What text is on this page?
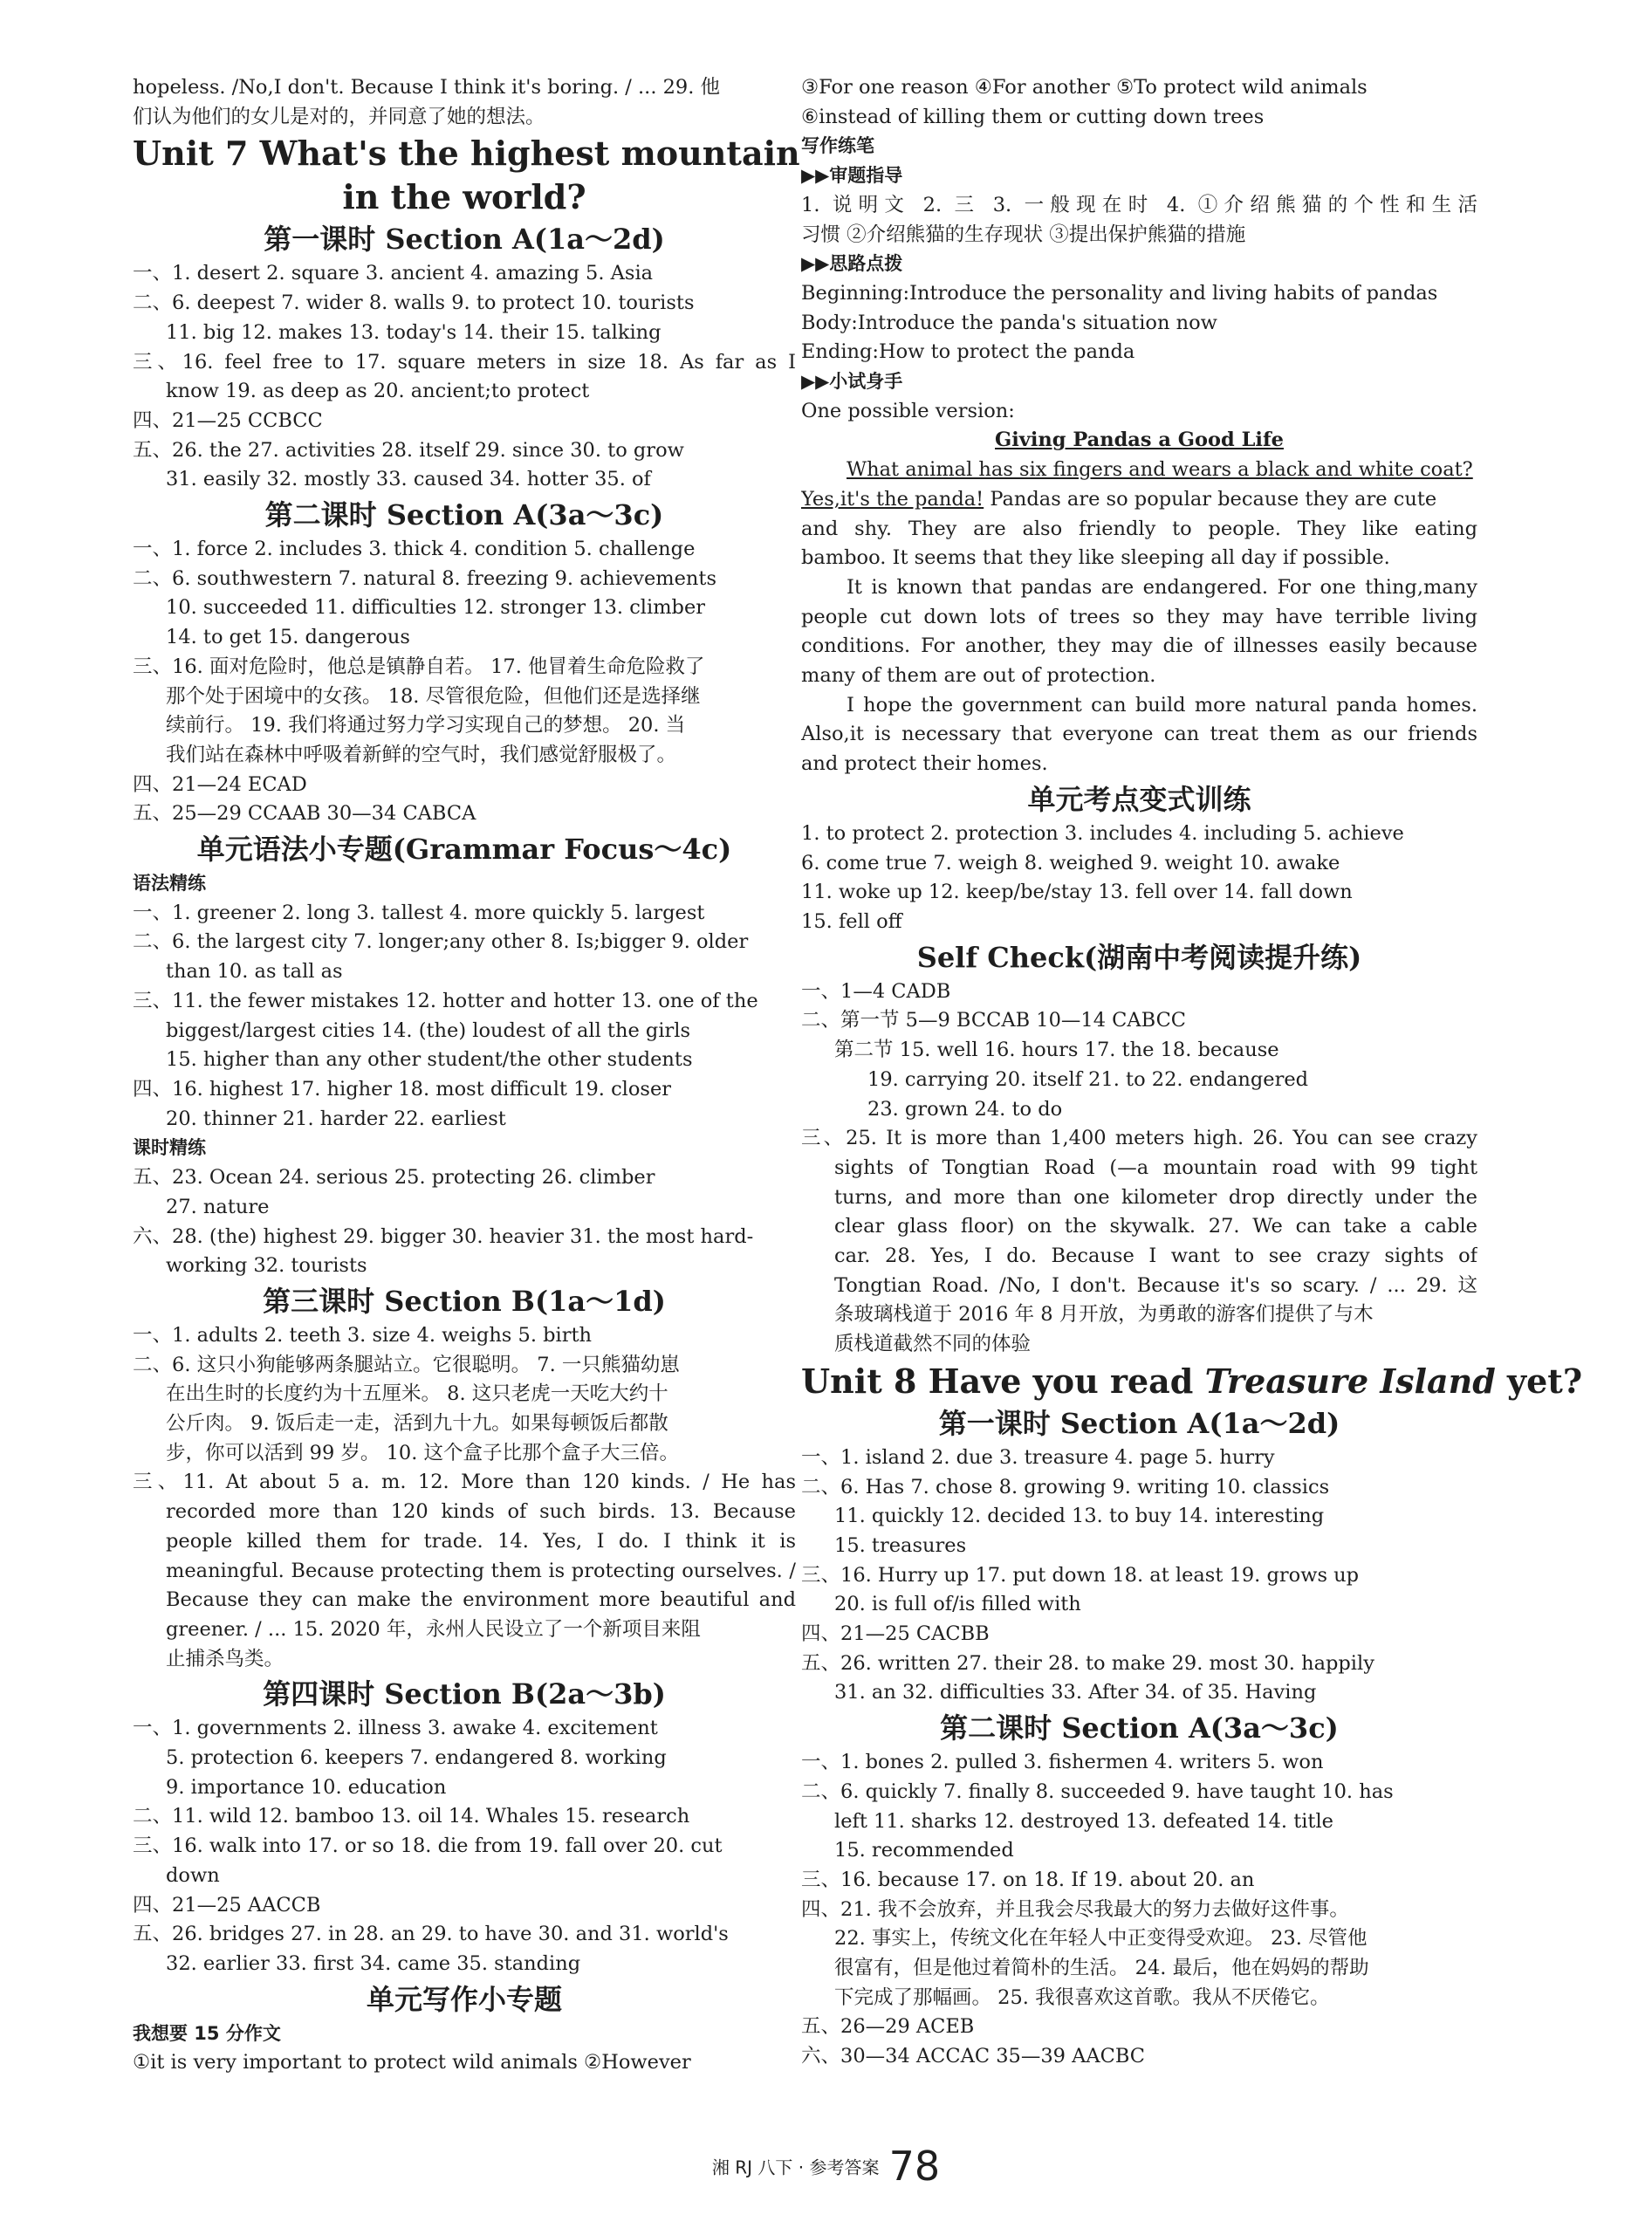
hopeless. /No,I don't. Because I think it's boring. / ... 29. 他
们认为他们的女儿是对的，并同意了她的想法。
Unit 7 What's the highest mountain
in the world?
第一课时 Section A(1a～2d)
一、1. desert 2. square 3. ancient 4. amazing 5. Asia
二、6. deepest 7. wider 8. walls 9. to protect 10. tourists
11. big 12. makes 13. today's 14. their 15. talking
三、16. feel free to 17. square meters in size 18. As far as I
know 19. as deep as 20. ancient;to protect
四、21—25 CCBCC
五、26. the 27. activities 28. itself 29. since 30. to grow
31. easily 32. mostly 33. caused 34. hotter 35. of
第二课时 Section A(3a～3c)
一、1. force 2. includes 3. thick 4. condition 5. challenge
二、6. southwestern 7. natural 8. freezing 9. achievements
10. succeeded 11. difficulties 12. stronger 13. climber
14. to get 15. dangerous
三、16. 面对危险时，他总是镇静自若。 17. 他冒着生命危险救了
那个处于困境中的女孩。 18. 尽管很危险，但他们还是选择继
续前行。 19. 我们将通过努力学习实现自己的梦想。 20. 当
我们站在森林中呼吸着新鲜的空气时，我们感觉舒服极了。
四、21—24 ECAD
五、25—29 CCAAB 30—34 CABCA
单元语法小专题(Grammar Focus～4c)
语法精练
一、1. greener 2. long 3. tallest 4. more quickly 5. largest
二、6. the largest city 7. longer;any other 8. Is;bigger 9. older
than 10. as tall as
三、11. the fewer mistakes 12. hotter and hotter 13. one of the
biggest/largest cities 14. (the) loudest of all the girls
15. higher than any other student/the other students
四、16. highest 17. higher 18. most difficult 19. closer
20. thinner 21. harder 22. earliest
课时精练
五、23. Ocean 24. serious 25. protecting 26. climber
27. nature
六、28. (the) highest 29. bigger 30. heavier 31. the most hard-
working 32. tourists
第三课时 Section B(1a～1d)
一、1. adults 2. teeth 3. size 4. weighs 5. birth
二、6. 这只小狗能够两条腿站立。它很聪明。 7. 一只熊猫幼崽
在出生时的长度约为十五厘米。 8. 这只老虎一天吃大约十
公斤肉。 9. 饭后走一走，活到九十九。如果每顿饭后都散
步，你可以活到 99 岁。 10. 这个盒子比那个盒子大三倍。
三、11. At about 5 a. m. 12. More than 120 kinds. / He has
recorded more than 120 kinds of such birds. 13. Because
people killed them for trade. 14. Yes, I do. I think it is
meaningful. Because protecting them is protecting ourselves. /
Because they can make the environment more beautiful and
greener. / ... 15. 2020 年，永州人民设立了一个新项目来阻
止捕杀鸟类。
第四课时 Section B(2a～3b)
一、1. governments 2. illness 3. awake 4. excitement
5. protection 6. keepers 7. endangered 8. working
9. importance 10. education
二、11. wild 12. bamboo 13. oil 14. Whales 15. research
三、16. walk into 17. or so 18. die from 19. fall over 20. cut
down
四、21—25 AACCB
五、26. bridges 27. in 28. an 29. to have 30. and 31. world's
32. earlier 33. first 34. came 35. standing
单元写作小专题
我想要 15 分作文
①it is very important to protect wild animals ②However
③For one reason ④For another ⑤To protect wild animals
⑥instead of killing them or cutting down trees
写作练笔
▶▶审题指导
1. 说明文 2. 三 3. 一般现在时 4. ①介绍熊猫的个性和生活
习惯 ②介绍熊猫的生存现状 ③提出保护熊猫的措施
▶▶思路点拨
Beginning:Introduce the personality and living habits of pandas
Body:Introduce the panda's situation now
Ending:How to protect the panda
▶▶小试身手
One possible version:
Giving Pandas a Good Life
What animal has six fingers and wears a black and white coat?
Yes,it's the panda! Pandas are so popular because they are cute
and shy. They are also friendly to people. They like eating
bamboo. It seems that they like sleeping all day if possible.
It is known that pandas are endangered. For one thing,many
people cut down lots of trees so they may have terrible living
conditions. For another, they may die of illnesses easily because
many of them are out of protection.
I hope the government can build more natural panda homes.
Also,it is necessary that everyone can treat them as our friends
and protect their homes.
单元考点变式训练
1. to protect 2. protection 3. includes 4. including 5. achieve
6. come true 7. weigh 8. weighed 9. weight 10. awake
11. woke up 12. keep/be/stay 13. fell over 14. fall down
15. fell off
Self Check(湖南中考阅读提升练)
一、1—4 CADB
二、第一节 5—9 BCCAB 10—14 CABCC
第二节 15. well 16. hours 17. the 18. because
19. carrying 20. itself 21. to 22. endangered
23. grown 24. to do
三、25. It is more than 1,400 meters high. 26. You can see crazy
sights of Tongtian Road (—a mountain road with 99 tight
turns, and more than one kilometer drop directly under the
clear glass floor) on the skywalk. 27. We can take a cable
car. 28. Yes, I do. Because I want to see crazy sights of
Tongtian Road. /No, I don't. Because it's so scary. / ... 29. 这
条玻璃栈道于 2016 年 8 月开放，为勇敢的游客们提供了与木
质栈道截然不同的体验
Unit 8 Have you read Treasure Island yet?
第一课时 Section A(1a～2d)
一、1. island 2. due 3. treasure 4. page 5. hurry
二、6. Has 7. chose 8. growing 9. writing 10. classics
11. quickly 12. decided 13. to buy 14. interesting
15. treasures
三、16. Hurry up 17. put down 18. at least 19. grows up
20. is full of/is filled with
四、21—25 CACBB
五、26. written 27. their 28. to make 29. most 30. happily
31. an 32. difficulties 33. After 34. of 35. Having
第二课时 Section A(3a～3c)
一、1. bones 2. pulled 3. fishermen 4. writers 5. won
二、6. quickly 7. finally 8. succeeded 9. have taught 10. has
left 11. sharks 12. destroyed 13. defeated 14. title
15. recommended
三、16. because 17. on 18. If 19. about 20. an
四、21. 我不会放弃，并且我会尽我最大的努力去做好这件事。
22. 事实上，传统文化在年轻人中正变得受欢迎。 23. 尽管他
很富有，但是他过着简朴的生活。 24. 最后，他在妈妈的帮助
下完成了那幅画。 25. 我很喜欢这首歌。我从不厌倦它。
五、26—29 ACEB
六、30—34 ACCAC 35—39 AACBC
湘 RJ 八下 · 参考答案 78
